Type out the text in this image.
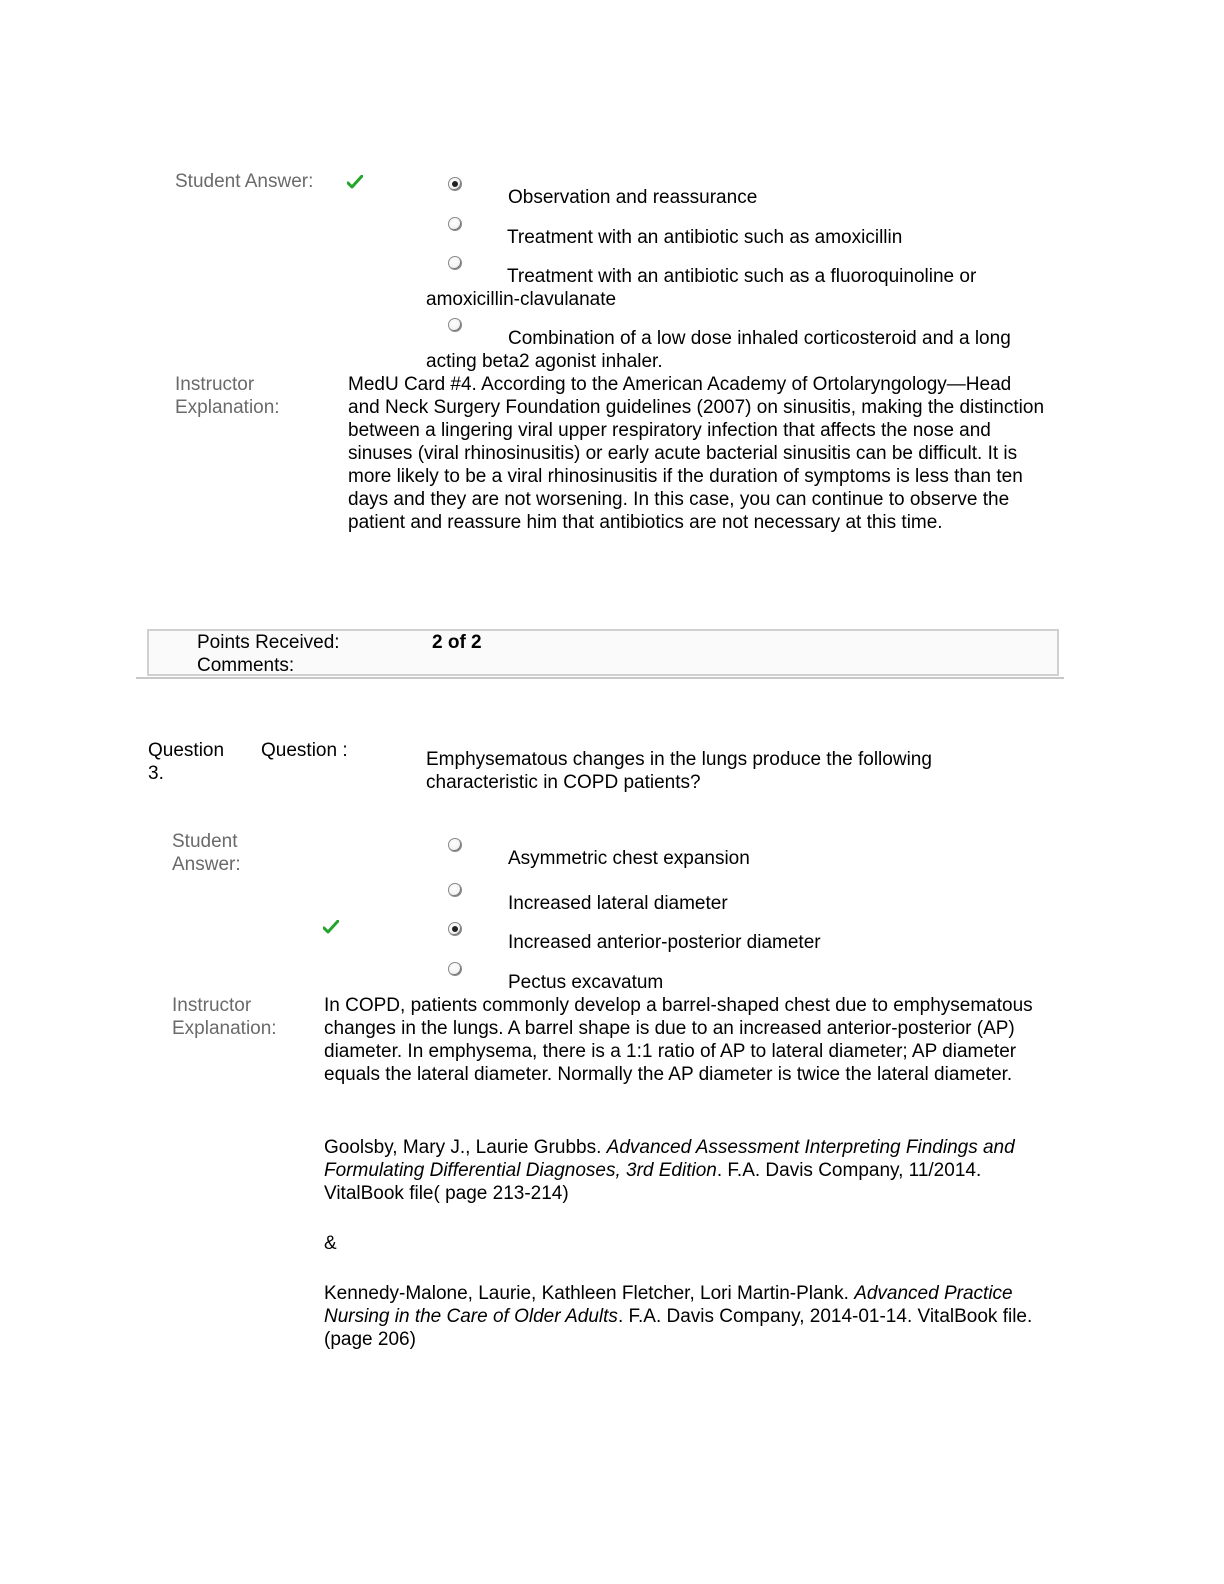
Student Answer:
Observation and reassurance
Treatment with an antibiotic such as amoxicillin
Treatment with an antibiotic such as a fluoroquinoline or
amoxicillin-clavulanate
Combination of a low dose inhaled corticosteroid and a long
acting beta2 agonist inhaler.
Instructor
Explanation:
MedU Card #4. According to the American Academy of Ortolaryngology—Head and Neck Surgery Foundation guidelines (2007) on sinusitis, making the distinction between a lingering viral upper respiratory infection that affects the nose and sinuses (viral rhinosinusitis) or early acute bacterial sinusitis can be difficult. It is more likely to be a viral rhinosinusitis if the duration of symptoms is less than ten days and they are not worsening. In this case, you can continue to observe the patient and reassure him that antibiotics are not necessary at this time.
Points Received:	2 of 2
Comments:
Question
3.
Question :	Emphysematous changes in the lungs produce the following
characteristic in COPD patients?
Student
Answer:	Asymmetric chest expansion
Increased lateral diameter
Increased anterior-posterior diameter
Pectus excavatum
Instructor
Explanation:

In COPD, patients commonly develop a barrel-shaped chest due to emphysematous changes in the lungs. A barrel shape is due to an increased anterior-posterior (AP) diameter. In emphysema, there is a 1:1 ratio of AP to lateral diameter; AP diameter equals the lateral diameter. Normally the AP diameter is twice the lateral diameter.

Goolsby, Mary J., Laurie Grubbs. Advanced Assessment Interpreting Findings and Formulating Differential Diagnoses, 3rd Edition. F.A. Davis Company, 11/2014. VitalBook file( page 213-214)

&

Kennedy-Malone, Laurie, Kathleen Fletcher, Lori Martin-Plank. Advanced Practice Nursing in the Care of Older Adults. F.A. Davis Company, 2014-01-14. VitalBook file. (page 206)
